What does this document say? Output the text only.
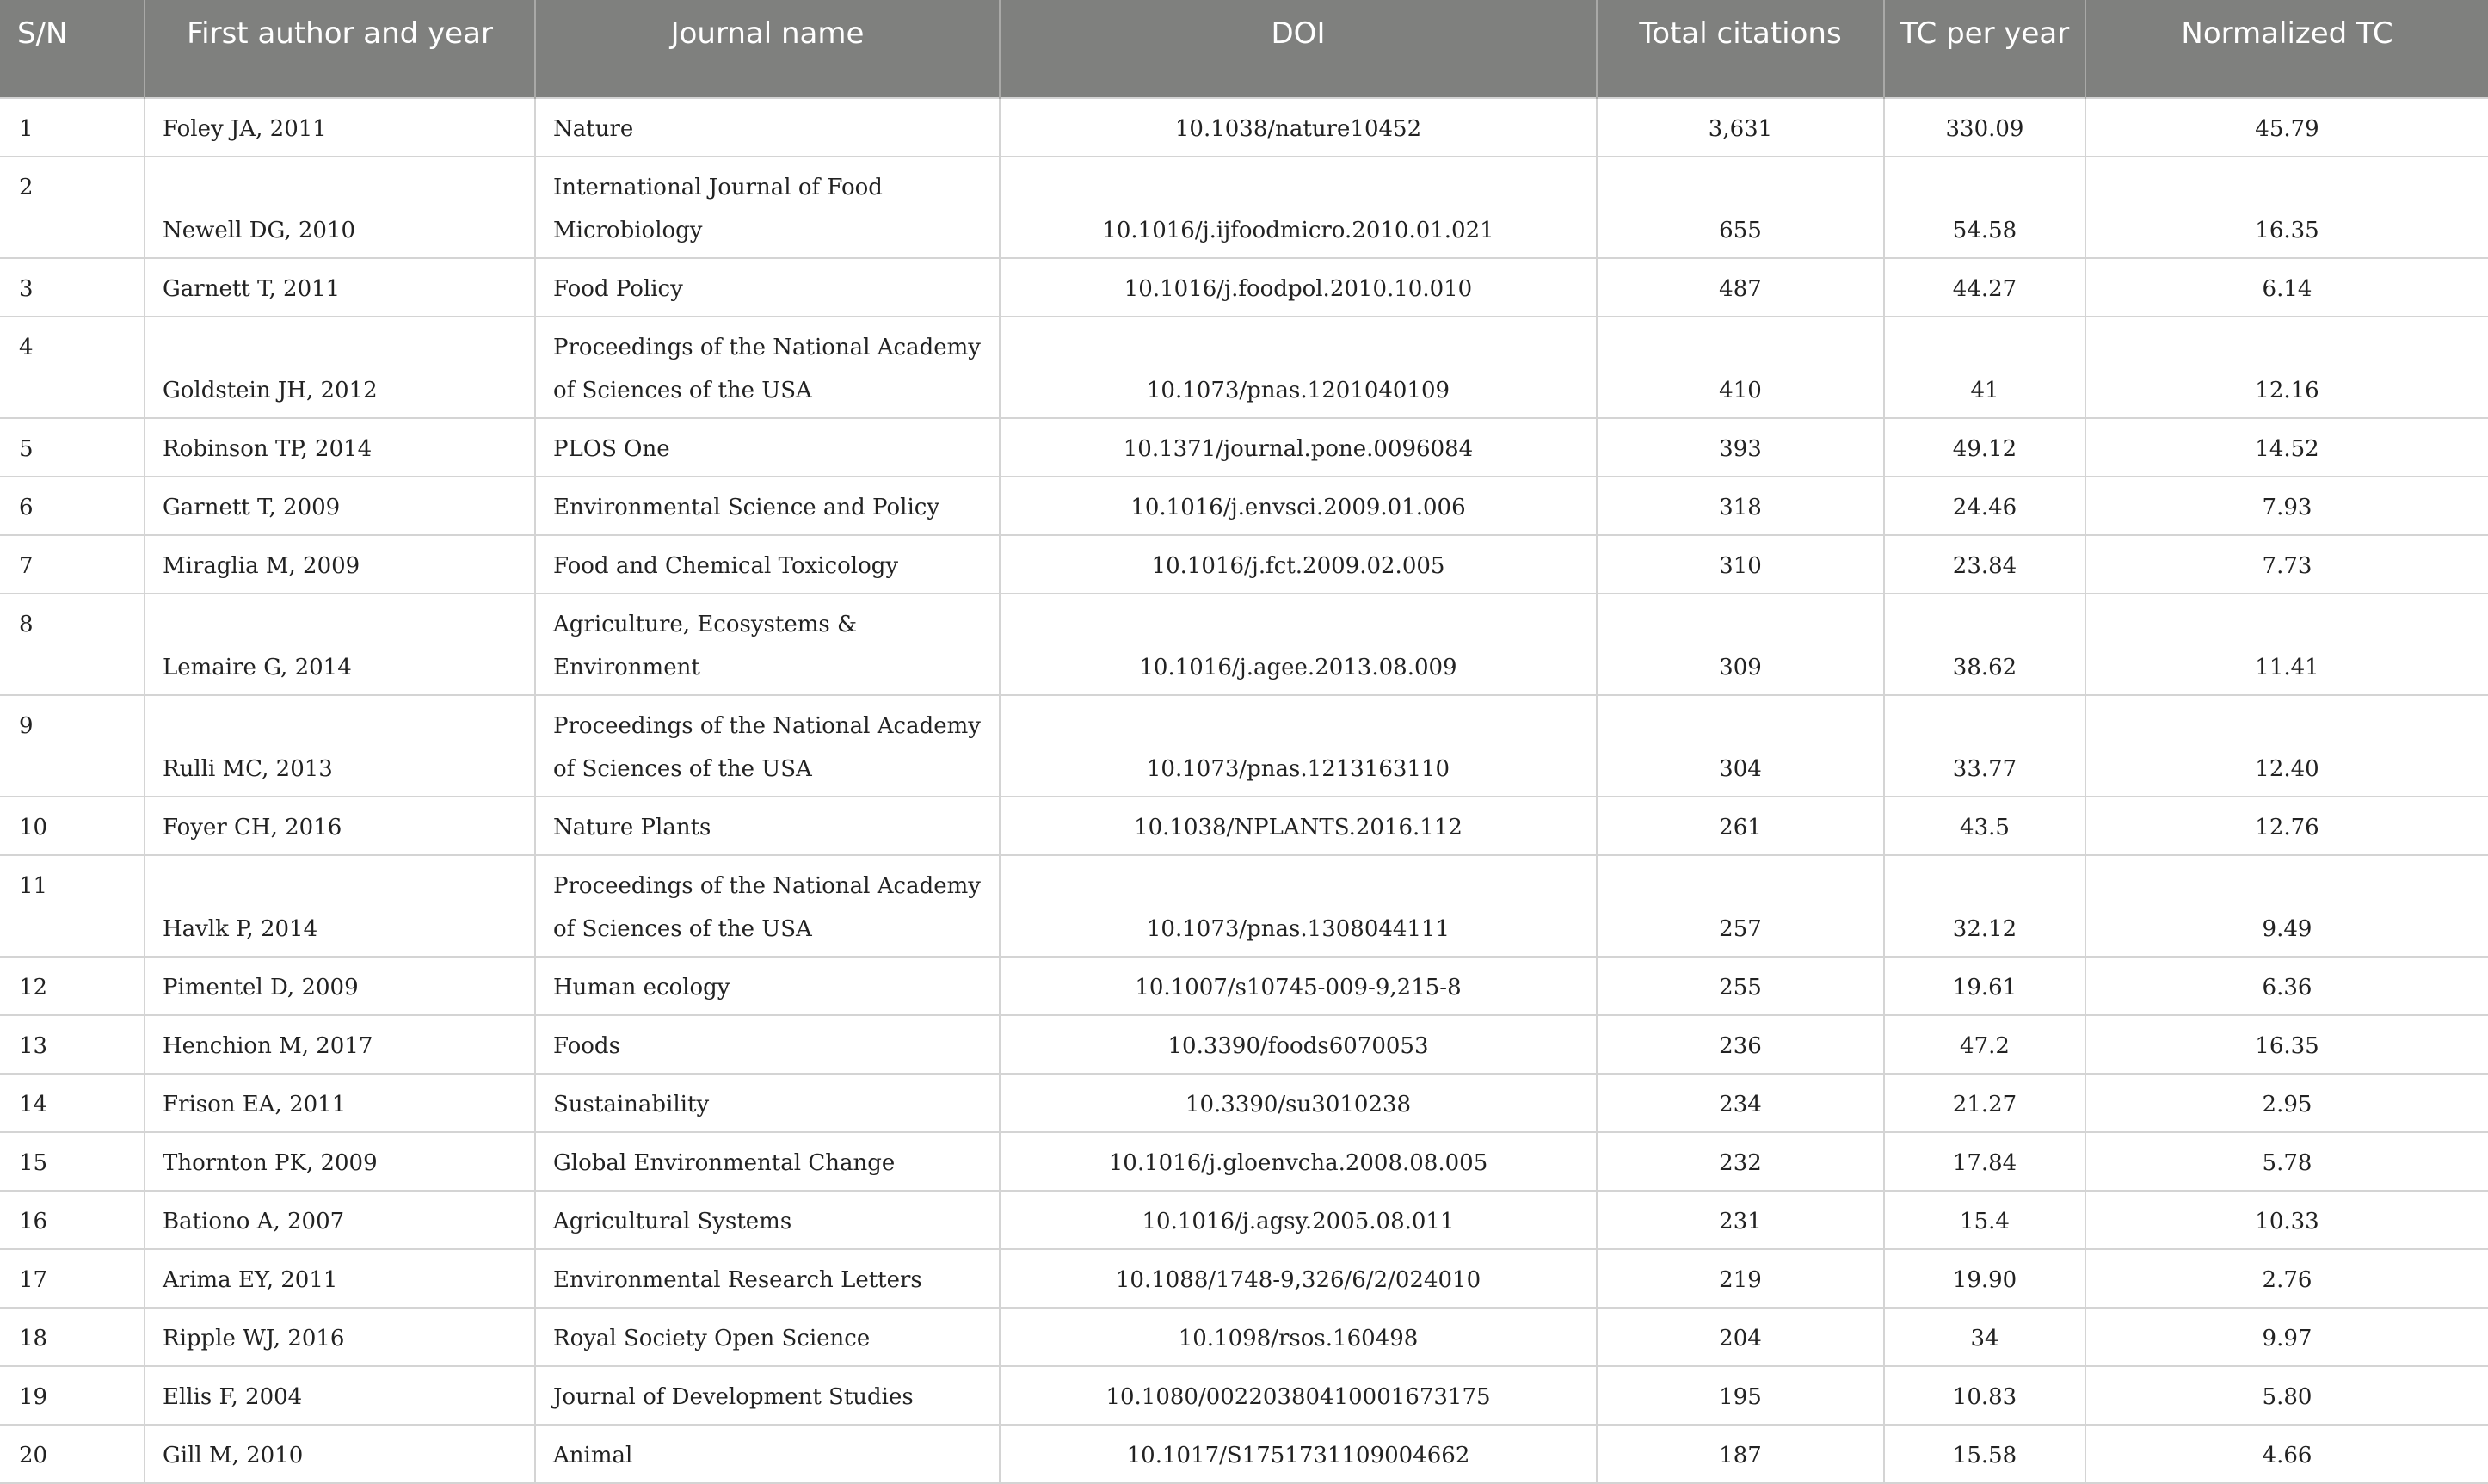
S/N	First author and year	Journal name	DOI	Total citations	TC per year	Normalized TC
1	Foley JA, 2011	Nature	10.1038/nature10452	3,631	330.09	45.79
2	Newell DG, 2010	International Journal of Food Microbiology	10.1016/j.ijfoodmicro.2010.01.021	655	54.58	16.35
3	Garnett T, 2011	Food Policy	10.1016/j.foodpol.2010.10.010	487	44.27	6.14
4	Goldstein JH, 2012	Proceedings of the National Academy of Sciences of the USA	10.1073/pnas.1201040109	410	41	12.16
5	Robinson TP, 2014	PLOS One	10.1371/journal.pone.0096084	393	49.12	14.52
6	Garnett T, 2009	Environmental Science and Policy	10.1016/j.envsci.2009.01.006	318	24.46	7.93
7	Miraglia M, 2009	Food and Chemical Toxicology	10.1016/j.fct.2009.02.005	310	23.84	7.73
8	Lemaire G, 2014	Agriculture, Ecosystems & Environment	10.1016/j.agee.2013.08.009	309	38.62	11.41
9	Rulli MC, 2013	Proceedings of the National Academy of Sciences of the USA	10.1073/pnas.1213163110	304	33.77	12.40
10	Foyer CH, 2016	Nature Plants	10.1038/NPLANTS.2016.112	261	43.5	12.76
11	Havlk P, 2014	Proceedings of the National Academy of Sciences of the USA	10.1073/pnas.1308044111	257	32.12	9.49
12	Pimentel D, 2009	Human ecology	10.1007/s10745-009-9,215-8	255	19.61	6.36
13	Henchion M, 2017	Foods	10.3390/foods6070053	236	47.2	16.35
14	Frison EA, 2011	Sustainability	10.3390/su3010238	234	21.27	2.95
15	Thornton PK, 2009	Global Environmental Change	10.1016/j.gloenvcha.2008.08.005	232	17.84	5.78
16	Bationo A, 2007	Agricultural Systems	10.1016/j.agsy.2005.08.011	231	15.4	10.33
17	Arima EY, 2011	Environmental Research Letters	10.1088/1748-9,326/6/2/024010	219	19.90	2.76
18	Ripple WJ, 2016	Royal Society Open Science	10.1098/rsos.160498	204	34	9.97
19	Ellis F, 2004	Journal of Development Studies	10.1080/00220380410001673175	195	10.83	5.80
20	Gill M, 2010	Animal	10.1017/S1751731109004662	187	15.58	4.66
